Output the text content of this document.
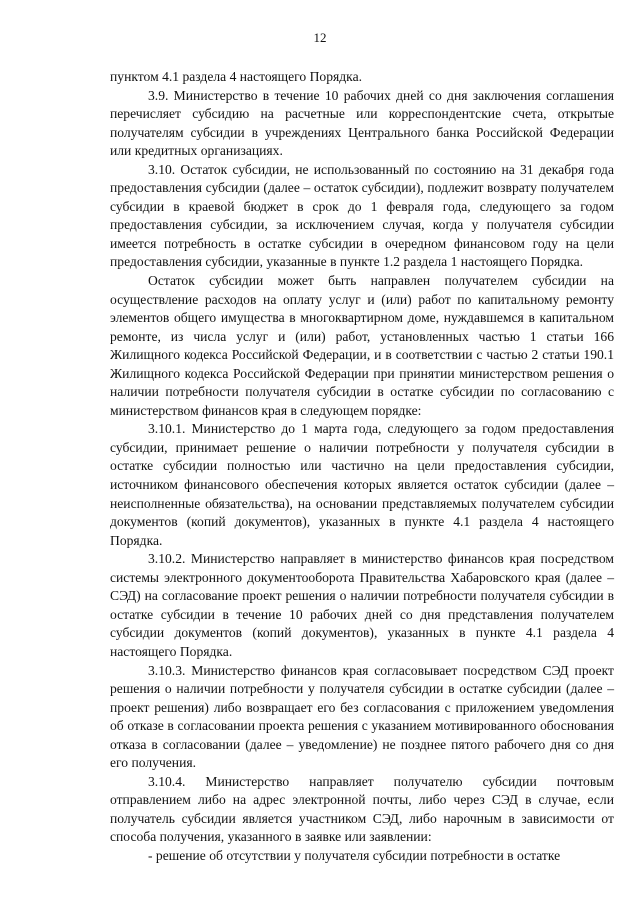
12

пунктом 4.1 раздела 4 настоящего Порядка.

3.9. Министерство в течение 10 рабочих дней со дня заключения соглашения перечисляет субсидию на расчетные или корреспондентские счета, открытые получателям субсидии в учреждениях Центрального банка Российской Федерации или кредитных организациях.

3.10. Остаток субсидии, не использованный по состоянию на 31 декабря года предоставления субсидии (далее – остаток субсидии), подлежит возврату получателем субсидии в краевой бюджет в срок до 1 февраля года, следующего за годом предоставления субсидии, за исключением случая, когда у получателя субсидии имеется потребность в остатке субсидии в очередном финансовом году на цели предоставления субсидии, указанные в пункте 1.2 раздела 1 настоящего Порядка.

Остаток субсидии может быть направлен получателем субсидии на осуществление расходов на оплату услуг и (или) работ по капитальному ремонту элементов общего имущества в многоквартирном доме, нуждавшемся в капитальном ремонте, из числа услуг и (или) работ, установленных частью 1 статьи 166 Жилищного кодекса Российской Федерации, и в соответствии с частью 2 статьи 190.1 Жилищного кодекса Российской Федерации при принятии министерством решения о наличии потребности получателя субсидии в остатке субсидии по согласованию с министерством финансов края в следующем порядке:

3.10.1. Министерство до 1 марта года, следующего за годом предоставления субсидии, принимает решение о наличии потребности у получателя субсидии в остатке субсидии полностью или частично на цели предоставления субсидии, источником финансового обеспечения которых является остаток субсидии (далее – неисполненные обязательства), на основании представляемых получателем субсидии документов (копий документов), указанных в пункте 4.1 раздела 4 настоящего Порядка.

3.10.2. Министерство направляет в министерство финансов края посредством системы электронного документооборота Правительства Хабаровского края (далее – СЭД) на согласование проект решения о наличии потребности получателя субсидии в остатке субсидии в течение 10 рабочих дней со дня представления получателем субсидии документов (копий документов), указанных в пункте 4.1 раздела 4 настоящего Порядка.

3.10.3. Министерство финансов края согласовывает посредством СЭД проект решения о наличии потребности у получателя субсидии в остатке субсидии (далее – проект решения) либо возвращает его без согласования с приложением уведомления об отказе в согласовании проекта решения с указанием мотивированного обоснования отказа в согласовании (далее – уведомление) не позднее пятого рабочего дня со дня его получения.

3.10.4. Министерство направляет получателю субсидии почтовым отправлением либо на адрес электронной почты, либо через СЭД в случае, если получатель субсидии является участником СЭД, либо нарочным в зависимости от способа получения, указанного в заявке или заявлении:

- решение об отсутствии у получателя субсидии потребности в остатке
